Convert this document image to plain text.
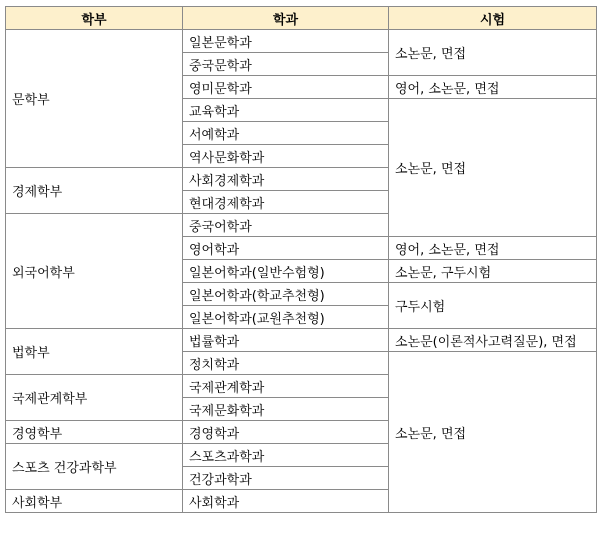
학부	학과	시험
문학부	일본문학과	소논문, 면접
	중국문학과	
	영미문학과	영어, 소논문, 면접
	교육학과	소논문, 면접
	서예학과	
	역사문화학과	
경제학부	사회경제학과	
	현대경제학과	
외국어학부	중국어학과	
	영어학과	영어, 소논문, 면접
	일본어학과(일반수험형)	소논문, 구두시험
	일본어학과(학교추천형)	구두시험
	일본어학과(교원추천형)	
법학부	법률학과	소논문(이론적사고력질문), 면접
	정치학과	소논문, 면접
국제관계학부	국제관계학과	
	국제문화학과	
경영학부	경영학과	
스포츠 건강과학부	스포츠과학과	
	건강과학과	
사회학부	사회학과	
